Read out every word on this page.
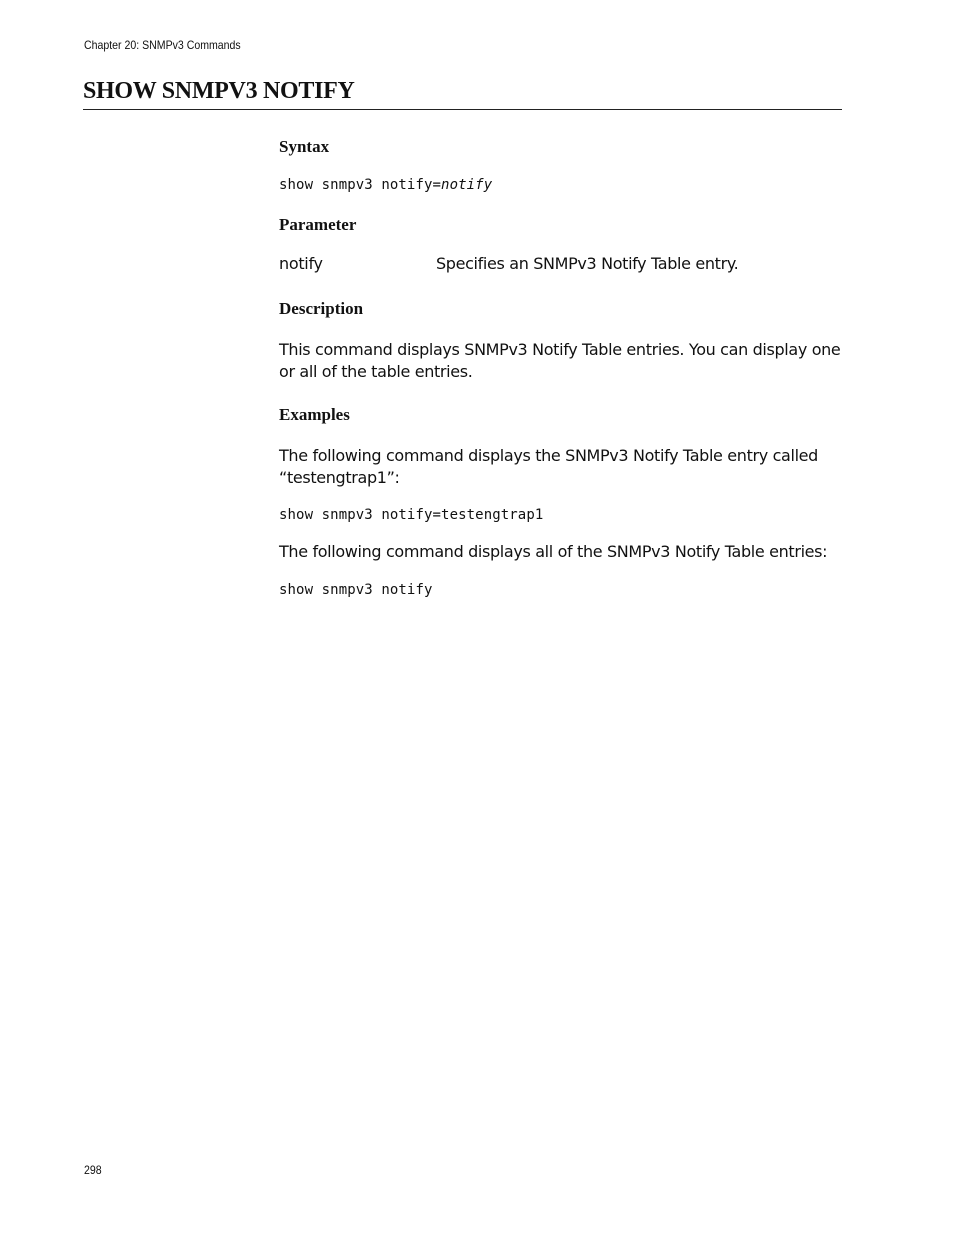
Chapter 20: SNMPv3 Commands
SHOW SNMPV3 NOTIFY
Syntax
show snmpv3 notify=notify
Parameter
notify	Specifies an SNMPv3 Notify Table entry.
Description

This command displays SNMPv3 Notify Table entries. You can display one or all of the table entries.

Examples

The following command displays the SNMPv3 Notify Table entry called “testengtrap1”:

show snmpv3 notify=testengtrap1

The following command displays all of the SNMPv3 Notify Table entries:

show snmpv3 notify
298
